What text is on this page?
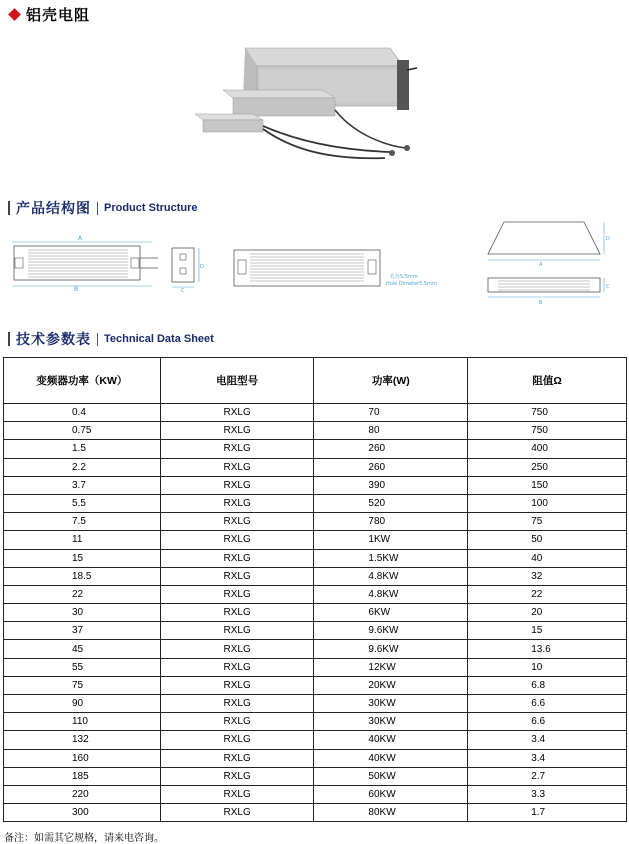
铝壳电阻
产品结构图 Product Structure
A
B
D
C
孔径5.5mm
Hole Dimeter5.5mm
D
A
C
B
技术参数表 Technical Data Sheet
变频器功率（KW）	电阻型号	功率(W)	阻值Ω
0.4	RXLG	70	750
0.75	RXLG	80	750
1.5	RXLG	260	400
2.2	RXLG	260	250
3.7	RXLG	390	150
5.5	RXLG	520	100
7.5	RXLG	780	75
11	RXLG	1KW	50
15	RXLG	1.5KW	40
18.5	RXLG	4.8KW	32
22	RXLG	4.8KW	22
30	RXLG	6KW	20
37	RXLG	9.6KW	15
45	RXLG	9.6KW	13.6
55	RXLG	12KW	10
75	RXLG	20KW	6.8
90	RXLG	30KW	6.6
110	RXLG	30KW	6.6
132	RXLG	40KW	3.4
160	RXLG	40KW	3.4
185	RXLG	50KW	2.7
220	RXLG	60KW	3.3
300	RXLG	80KW	1.7
备注：如需其它规格，请来电咨询。
